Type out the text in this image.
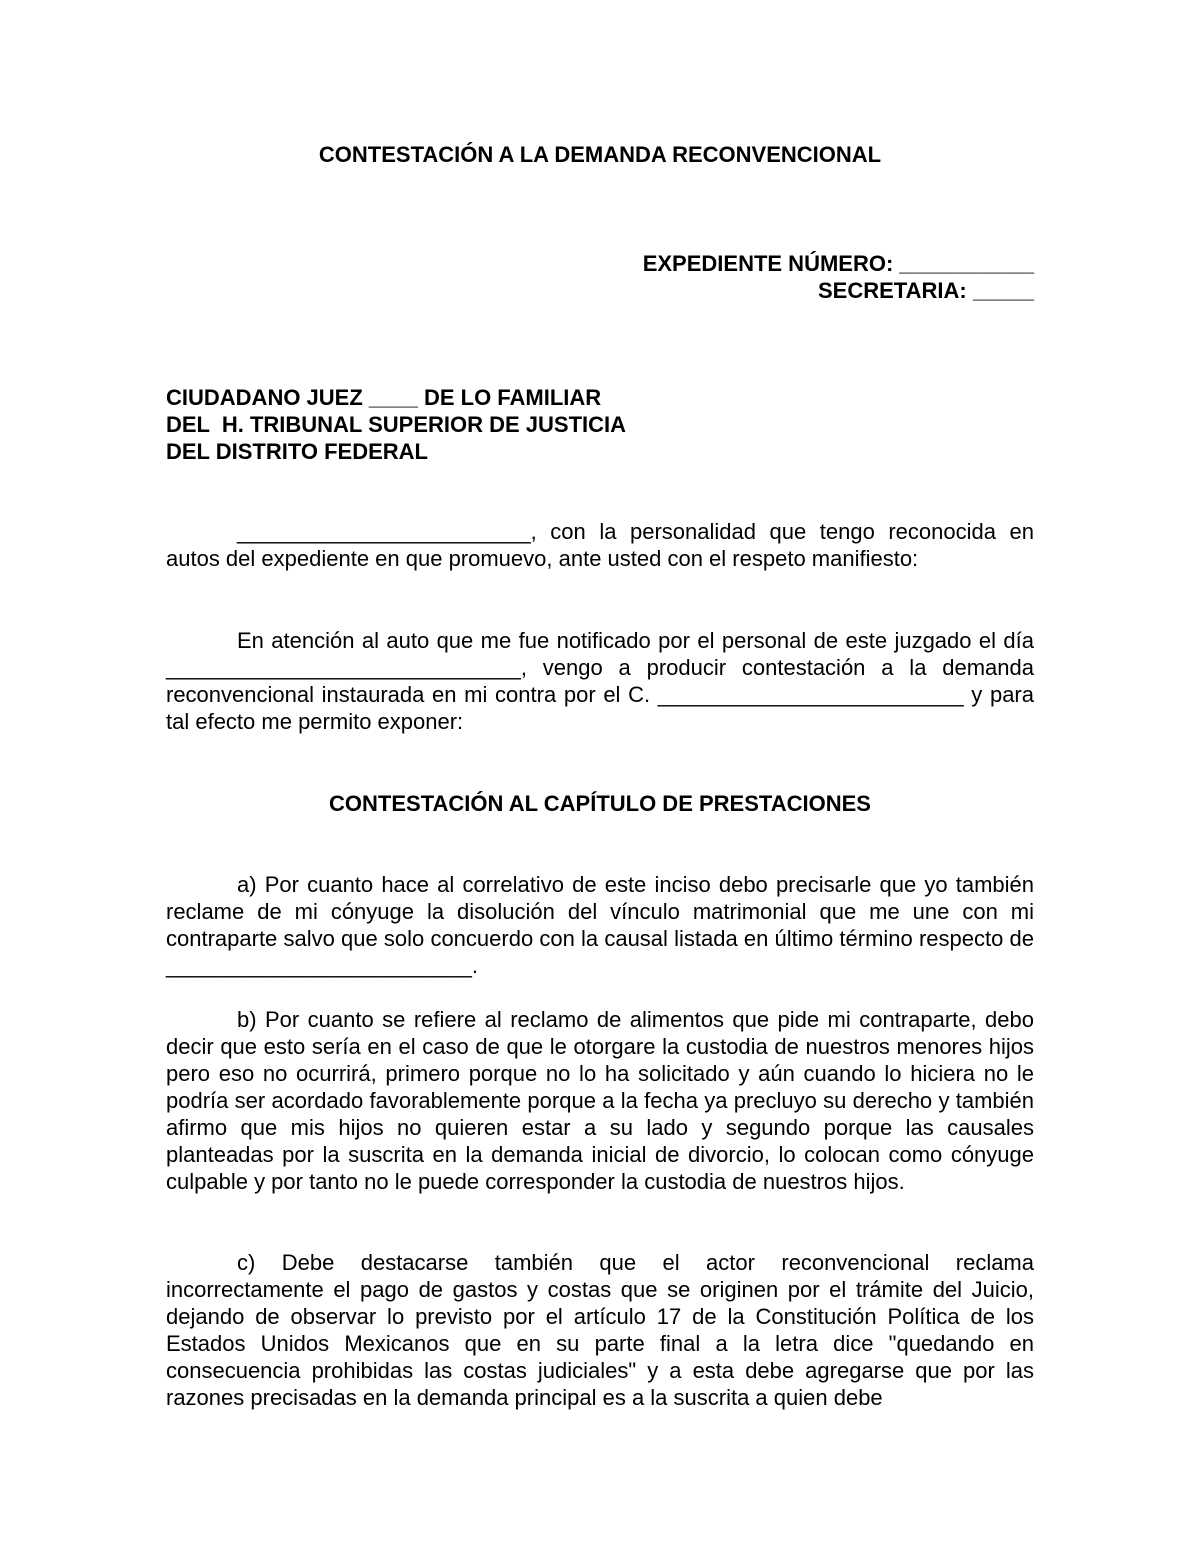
CONTESTACIÓN A LA DEMANDA RECONVENCIONAL
EXPEDIENTE NÚMERO: ___________
SECRETARIA: _____
CIUDADANO JUEZ ____ DE LO FAMILIAR
DEL  H. TRIBUNAL SUPERIOR DE JUSTICIA
DEL DISTRITO FEDERAL
________________________, con la personalidad que tengo reconocida en autos del expediente en que promuevo, ante usted con el respeto manifiesto:
En atención al auto que me fue notificado por el personal de este juzgado el día _____________________________, vengo a producir contestación a la demanda reconvencional instaurada en mi contra por el C. _________________________ y para tal efecto me permito exponer:
CONTESTACIÓN AL CAPÍTULO DE PRESTACIONES
a) Por cuanto hace al correlativo de este inciso debo precisarle que yo también reclame de mi cónyuge la disolución del vínculo matrimonial que me une con mi contraparte salvo que solo concuerdo con la causal listada en último término respecto de _________________________.
b) Por cuanto se refiere al reclamo de alimentos que pide mi contraparte, debo decir que esto sería en el caso de que le otorgare la custodia de nuestros menores hijos pero eso no ocurrirá, primero porque no lo ha solicitado y aún cuando lo hiciera no le podría ser acordado favorablemente porque a la fecha ya precluyo su derecho y también afirmo que mis hijos no quieren estar a su lado y segundo porque las causales planteadas por la suscrita en la demanda inicial de divorcio, lo colocan como cónyuge culpable y por tanto no le puede corresponder la custodia de nuestros hijos.
c) Debe destacarse también que el actor reconvencional reclama incorrectamente el pago de gastos y costas que se originen por el trámite del Juicio, dejando de observar lo previsto por el artículo 17 de la Constitución Política de los Estados Unidos Mexicanos que en su parte final a la letra dice "quedando en consecuencia prohibidas las costas judiciales" y a esta debe agregarse que por las razones precisadas en la demanda principal es a la suscrita a quien debe
